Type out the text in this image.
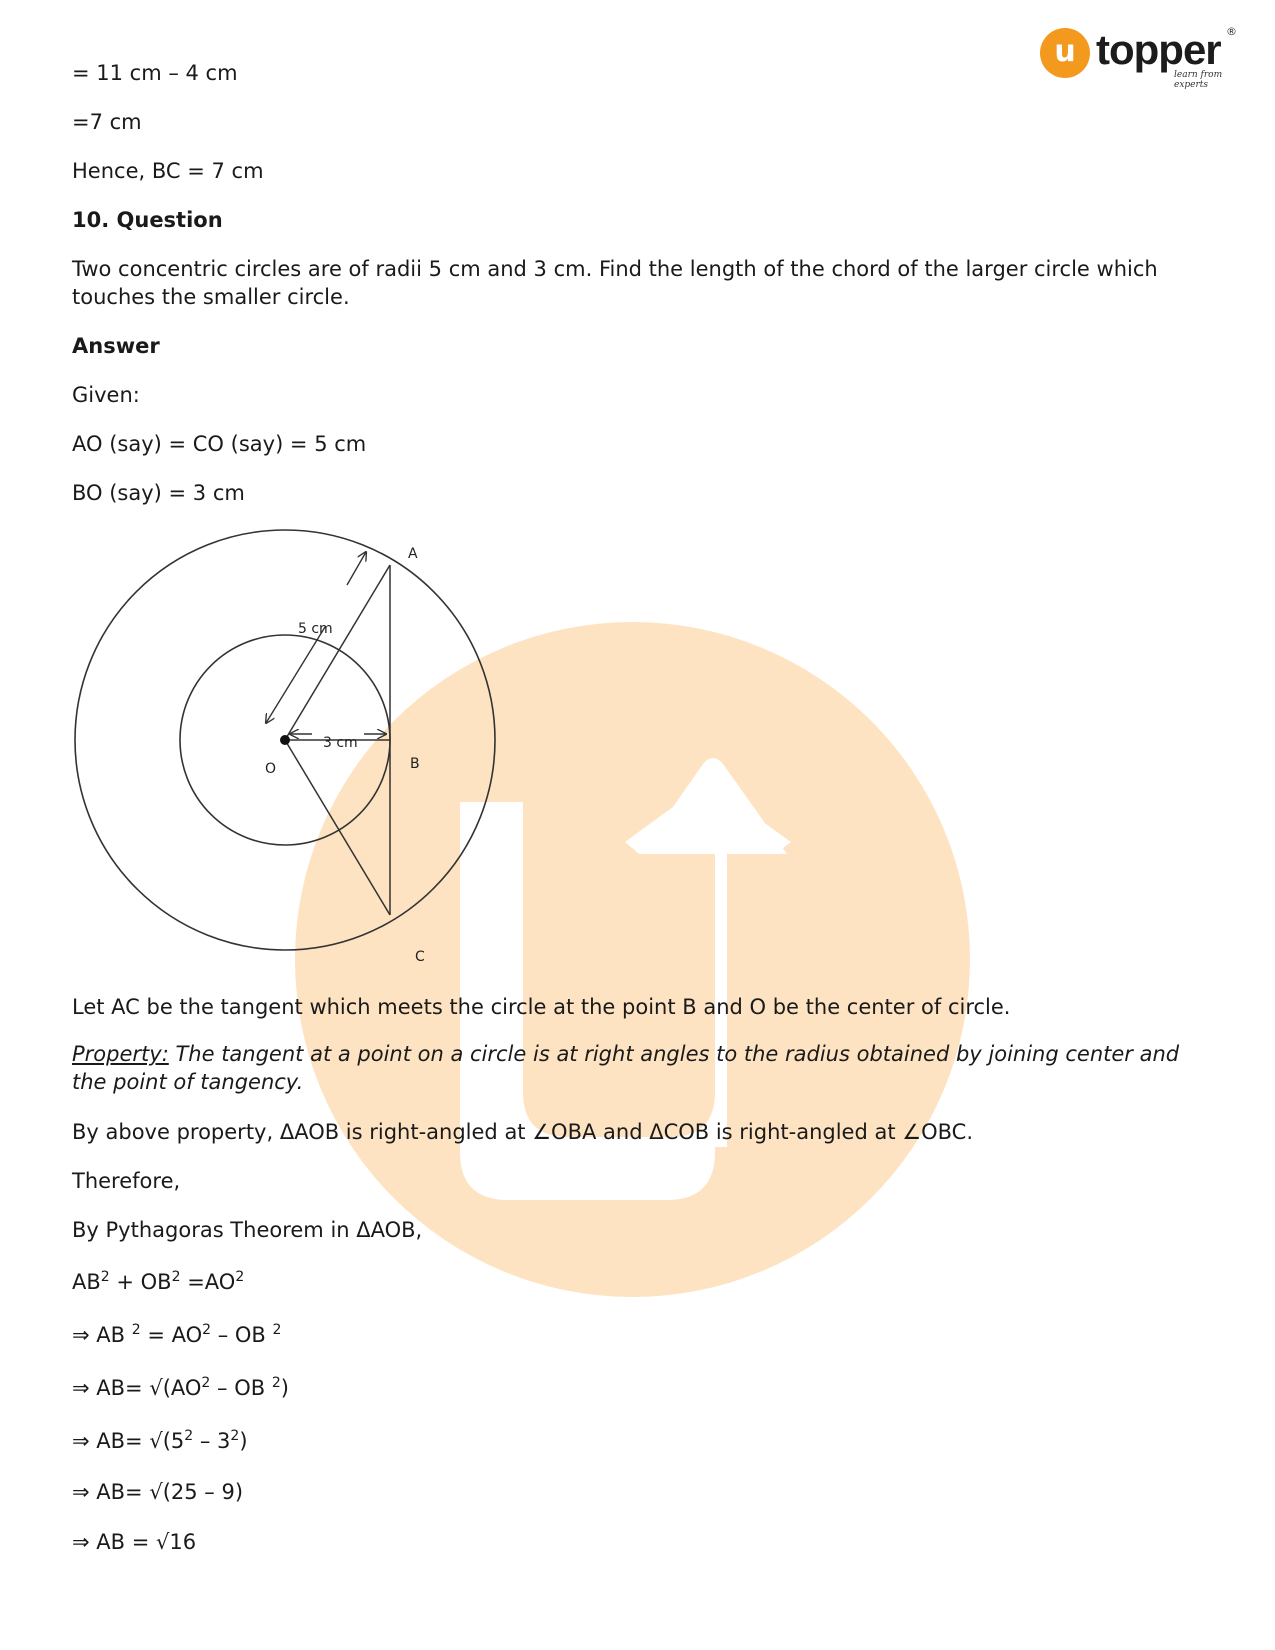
u topper ®
learn from experts
= 11 cm – 4 cm
=7 cm
Hence, BC = 7 cm
10. Question
Two concentric circles are of radii 5 cm and 3 cm. Find the length of the chord of the larger circle which touches the smaller circle.
Answer
Given:
AO (say) = CO (say) = 5 cm
BO (say) = 3 cm
A
B
C
O
5 cm
3 cm
Let AC be the tangent which meets the circle at the point B and O be the center of circle.
Property: The tangent at a point on a circle is at right angles to the radius obtained by joining center and the point of tangency.
By above property, ΔAOB is right-angled at ∠OBA and ΔCOB is right-angled at ∠OBC.
Therefore,
By Pythagoras Theorem in ΔAOB,
$AB^2 + OB^2 =AO^2$
⇒ AB $^2 = AO^2$ – OB $^2$
⇒ $AB= √(AO^2$ – OB $^2$)
⇒ $AB= √(5^2 - 3^2)$
⇒ AB= √(25 – 9)
⇒ AB = √16
